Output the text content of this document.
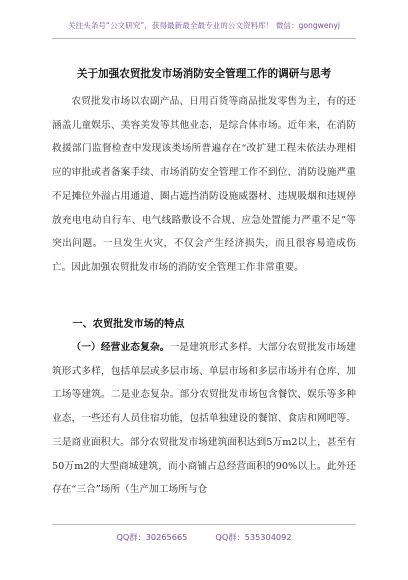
关注头条号“公文研究”，获得最新最全最专业的公文资料库！ 微信：gongwenyj
关于加强农贸批发市场消防安全管理工作的调研与思考

农贸批发市场以农副产品、日用百货等商品批发零售为主，有的还涵盖儿童娱乐、美容美发等其他业态，是综合体市场。近年来，在消防救援部门监督检查中发现该类场所普遍存在“改扩建工程未依法办理相应的审批或者备案手续、市场消防安全管理工作不到位、消防设施严重不足摊位外溢占用通道、圈占遮挡消防设施威器材、违规吸烟和违规停放充电电动自行车、电气线路敷设不合规、应急处置能力严重不足”等突出问题。一旦发生火灾，不仅会产生经济损失，而且很容易造成伤亡。因此加强农贸批发市场的消防安全管理工作非常重要。

一、农贸批发市场的特点

（一）经营业态复杂。一是建筑形式多样。大部分农贸批发市场建筑形式多样，包括单层或多层市场、单层市场和多层市场并有仓库、加工场等建筑。二是业态复杂。部分农贸批发市场包含餐饮、娱乐等多种业态，一些还有人员住宿功能，包括单独建设的餐馆、食店和网吧等。三是商业面积大。部分农贸批发市场建筑面积达到5万m2以上，甚至有50万m2的大型商城建筑，而小商铺占总经营面积的90%以上。此外还存在“三合”场所（生产加工场所与仓

QQ群：30265665	QQ群：535304092
